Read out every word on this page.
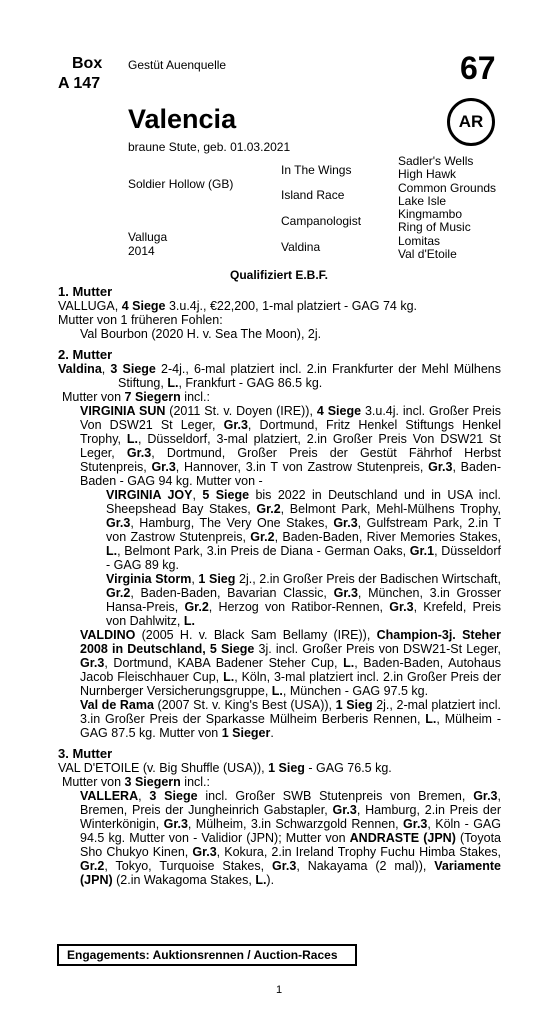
Box
A 147
Gestüt Auenquelle	67
AR
Valencia
braune Stute, geb. 01.03.2021
Soldier Hollow (GB)
Valluga
2014
In The Wings
Island Race
Campanologist
Valdina
Sadler's Wells
High Hawk
Common Grounds
Lake Isle
Kingmambo
Ring of Music
Lomitas
Val d'Etoile
Qualifiziert E.B.F.
1. Mutter
VALLUGA, 4 Siege 3.u.4j., €22,200, 1-mal platziert - GAG 74 kg.
Mutter von 1 früheren Fohlen:
Val Bourbon (2020 H. v. Sea The Moon), 2j.
2. Mutter
Valdina, 3 Siege 2-4j., 6-mal platziert incl. 2.in Frankfurter der Mehl Mülhens Stiftung, L., Frankfurt - GAG 86.5 kg.
Mutter von 7 Siegern incl.:
VIRGINIA SUN (2011 St. v. Doyen (IRE)), 4 Siege 3.u.4j. incl. Großer Preis Von DSW21 St Leger, Gr.3, Dortmund, Fritz Henkel Stiftungs Henkel Trophy, L., Düsseldorf, 3-mal platziert, 2.in Großer Preis Von DSW21 St Leger, Gr.3, Dortmund, Großer Preis der Gestüt Fährhof Herbst Stutenpreis, Gr.3, Hannover, 3.in T von Zastrow Stutenpreis, Gr.3, Baden-Baden - GAG 94 kg. Mutter von -
VIRGINIA JOY, 5 Siege bis 2022 in Deutschland und in USA incl. Sheepshead Bay Stakes, Gr.2, Belmont Park, Mehl-Mülhens Trophy, Gr.3, Hamburg, The Very One Stakes, Gr.3, Gulfstream Park, 2.in T von Zastrow Stutenpreis, Gr.2, Baden-Baden, River Memories Stakes, L., Belmont Park, 3.in Preis de Diana - German Oaks, Gr.1, Düsseldorf - GAG 89 kg.
Virginia Storm, 1 Sieg 2j., 2.in Großer Preis der Badischen Wirtschaft, Gr.2, Baden-Baden, Bavarian Classic, Gr.3, München, 3.in Grosser Hansa-Preis, Gr.2, Herzog von Ratibor-Rennen, Gr.3, Krefeld, Preis von Dahlwitz, L.
VALDINO (2005 H. v. Black Sam Bellamy (IRE)), Champion-3j. Steher 2008 in Deutschland, 5 Siege 3j. incl. Großer Preis von DSW21-St Leger, Gr.3, Dortmund, KABA Badener Steher Cup, L., Baden-Baden, Autohaus Jacob Fleischhauer Cup, L., Köln, 3-mal platziert incl. 2.in Großer Preis der Nurnberger Versicherungsgruppe, L., München - GAG 97.5 kg.
Val de Rama (2007 St. v. King's Best (USA)), 1 Sieg 2j., 2-mal platziert incl. 3.in Großer Preis der Sparkasse Mülheim Berberis Rennen, L., Mülheim - GAG 87.5 kg. Mutter von 1 Sieger.
3. Mutter
VAL D'ETOILE (v. Big Shuffle (USA)), 1 Sieg - GAG 76.5 kg.
Mutter von 3 Siegern incl.:
VALLERA, 3 Siege incl. Großer SWB Stutenpreis von Bremen, Gr.3, Bremen, Preis der Jungheinrich Gabstapler, Gr.3, Hamburg, 2.in Preis der Winterkönigin, Gr.3, Mülheim, 3.in Schwarzgold Rennen, Gr.3, Köln - GAG 94.5 kg. Mutter von - Validior (JPN); Mutter von ANDRASTE (JPN) (Toyota Sho Chukyo Kinen, Gr.3, Kokura, 2.in Ireland Trophy Fuchu Himba Stakes, Gr.2, Tokyo, Turquoise Stakes, Gr.3, Nakayama (2 mal)), Variamente (JPN) (2.in Wakagoma Stakes, L.).
Engagements: Auktionsrennen / Auction-Races
1
